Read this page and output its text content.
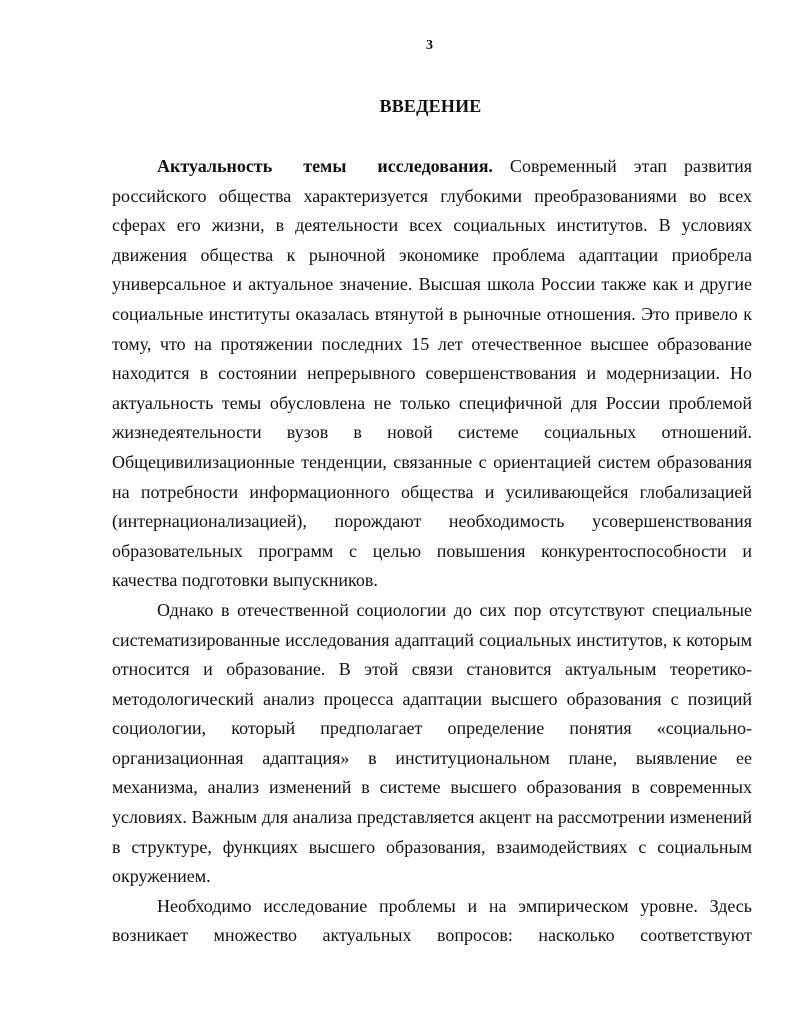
3
ВВЕДЕНИЕ

Актуальность темы исследования. Современный этап развития российского общества характеризуется глубокими преобразованиями во всех сферах его жизни, в деятельности всех социальных институтов. В условиях движения общества к рыночной экономике проблема адаптации приобрела универсальное и актуальное значение. Высшая школа России также как и другие социальные институты оказалась втянутой в рыночные отношения. Это привело к тому, что на протяжении последних 15 лет отечественное высшее образование находится в состоянии непрерывного совершенствования и модернизации. Но актуальность темы обусловлена не только специфичной для России проблемой жизнедеятельности вузов в новой системе социальных отношений. Общецивилизационные тенденции, связанные с ориентацией систем образования на потребности информационного общества и усиливающейся глобализацией (интернационализацией), порождают необходимость усовершенствования образовательных программ с целью повышения конкурентоспособности и качества подготовки выпускников.

Однако в отечественной социологии до сих пор отсутствуют специальные систематизированные исследования адаптаций социальных институтов, к которым относится и образование. В этой связи становится актуальным теоретико-методологический анализ процесса адаптации высшего образования с позиций социологии, который предполагает определение понятия «социально-организационная адаптация» в институциональном плане, выявление ее механизма, анализ изменений в системе высшего образования в современных условиях. Важным для анализа представляется акцент на рассмотрении изменений в структуре, функциях высшего образования, взаимодействиях с социальным окружением.

Необходимо исследование проблемы и на эмпирическом уровне. Здесь возникает множество актуальных вопросов: насколько соответствуют
